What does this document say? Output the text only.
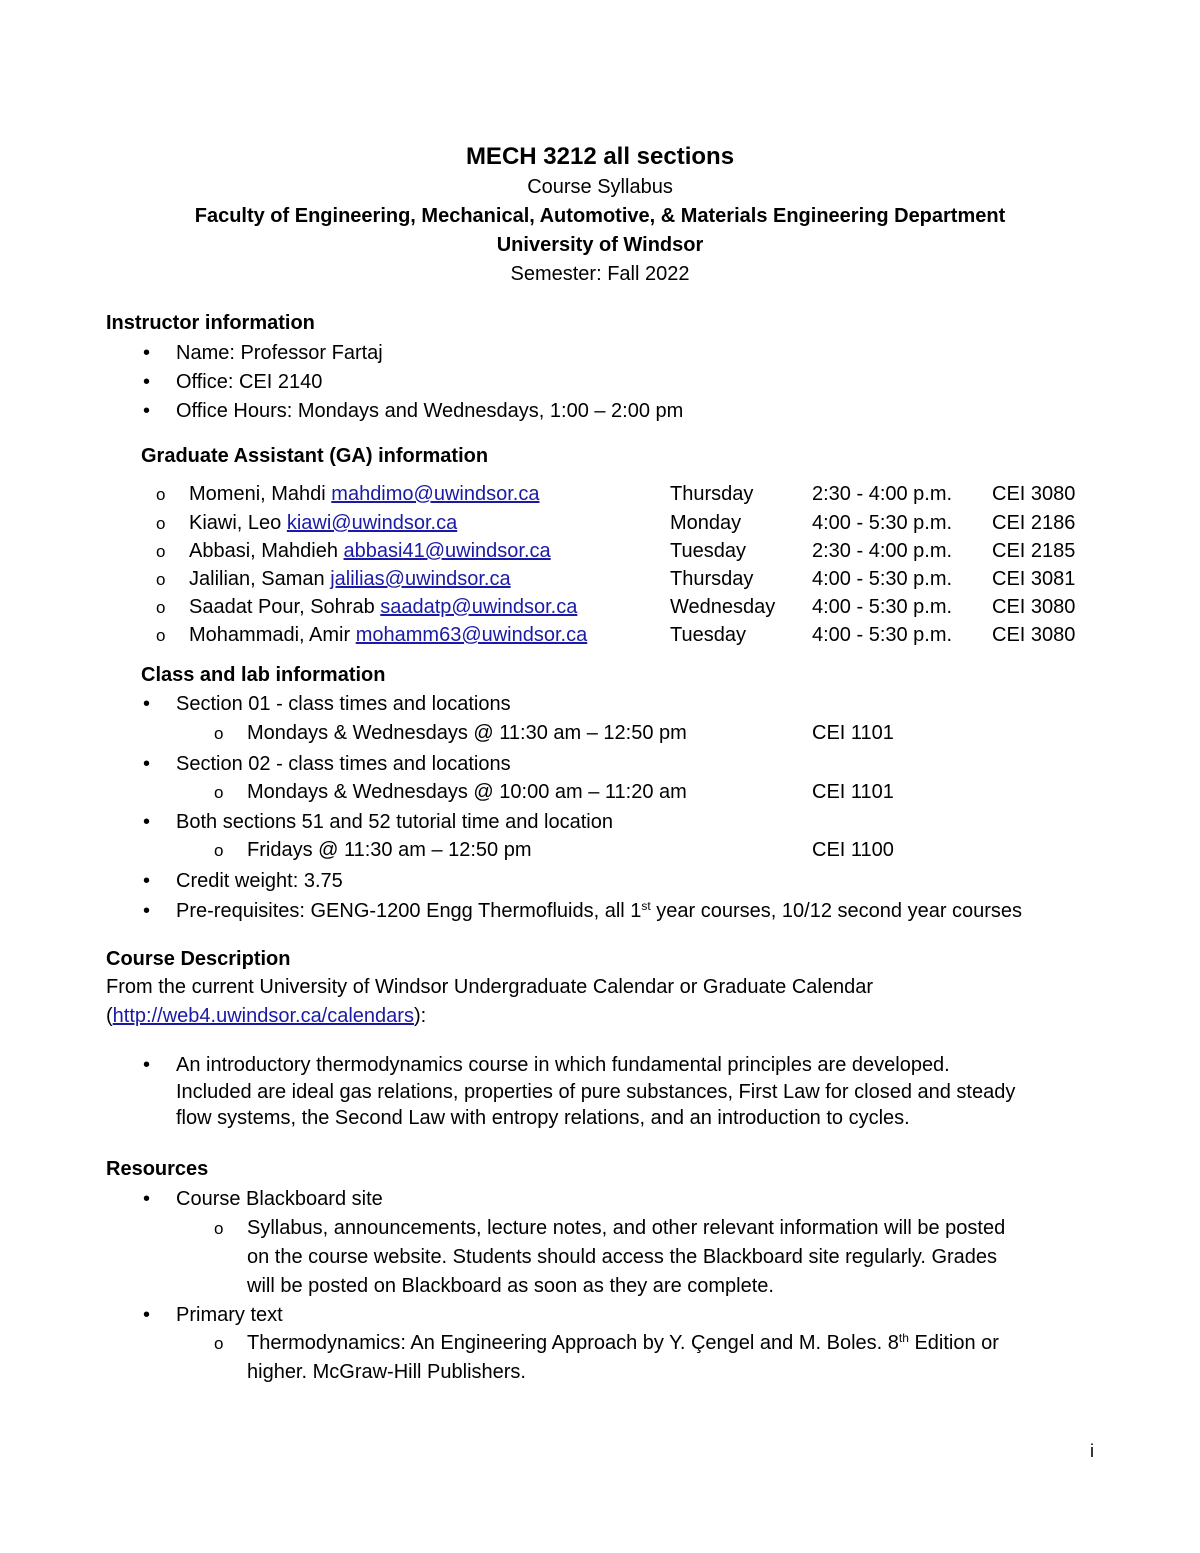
MECH 3212 all sections
Course Syllabus
Faculty of Engineering, Mechanical, Automotive, & Materials Engineering Department
University of Windsor
Semester: Fall 2022
Instructor information
• Name: Professor Fartaj
• Office: CEI 2140
• Office Hours: Mondays and Wednesdays, 1:00 – 2:00 pm
Graduate Assistant (GA) information
o Momeni, Mahdi mahdimo@uwindsor.ca	Thursday	2:30 - 4:00 p.m. CEI 3080
o Kiawi, Leo kiawi@uwindsor.ca	Monday	4:00 - 5:30 p.m. CEI 2186
o Abbasi, Mahdieh abbasi41@uwindsor.ca	Tuesday	2:30 - 4:00 p.m. CEI 2185
o Jalilian, Saman jalilias@uwindsor.ca	Thursday	4:00 - 5:30 p.m. CEI 3081
o Saadat Pour, Sohrab saadatp@uwindsor.ca	Wednesday 4:00 - 5:30 p.m. CEI 3080
o Mohammadi, Amir mohamm63@uwindsor.ca	Tuesday	4:00 - 5:30 p.m. CEI 3080
Class and lab information
• Section 01 - class times and locations
o Mondays & Wednesdays @ 11:30 am – 12:50 pm	CEI 1101
• Section 02 - class times and locations
o Mondays & Wednesdays @ 10:00 am – 11:20 am	CEI 1101
• Both sections 51 and 52 tutorial time and location
o Fridays @ 11:30 am – 12:50 pm	CEI 1100
• Credit weight: 3.75
• Pre-requisites: GENG-1200 Engg Thermofluids, all 1st year courses, 10/12 second year courses
Course Description
From the current University of Windsor Undergraduate Calendar or Graduate Calendar
(http://web4.uwindsor.ca/calendars):
• An introductory thermodynamics course in which fundamental principles are developed.
Included are ideal gas relations, properties of pure substances, First Law for closed and steady
flow systems, the Second Law with entropy relations, and an introduction to cycles.
Resources
• Course Blackboard site
o Syllabus, announcements, lecture notes, and other relevant information will be posted
on the course website. Students should access the Blackboard site regularly. Grades
will be posted on Blackboard as soon as they are complete.
• Primary text
o Thermodynamics: An Engineering Approach by Y. Çengel and M. Boles. 8th Edition or
higher. McGraw-Hill Publishers.
i
